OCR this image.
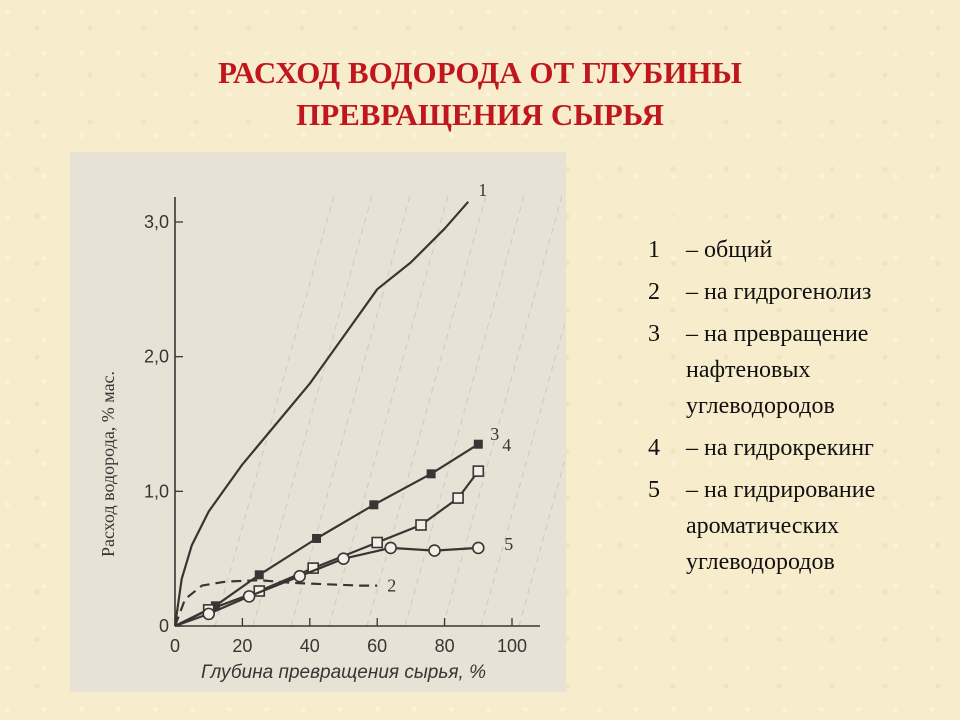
РАСХОД ВОДОРОДА ОТ ГЛУБИНЫ
ПРЕВРАЩЕНИЯ СЫРЬЯ
0	20	40	60	80 100
0
1,0
2,0
3,0
Глубина превращения сырья, %
Расход водорода, % мас.
1
2
3
4
5
1	– общий
2	– на гидрогенолиз
3	– на превращение
нафтеновых
углеводородов
4	– на гидрокрекинг
5	– на гидрирование
ароматических
углеводородов
